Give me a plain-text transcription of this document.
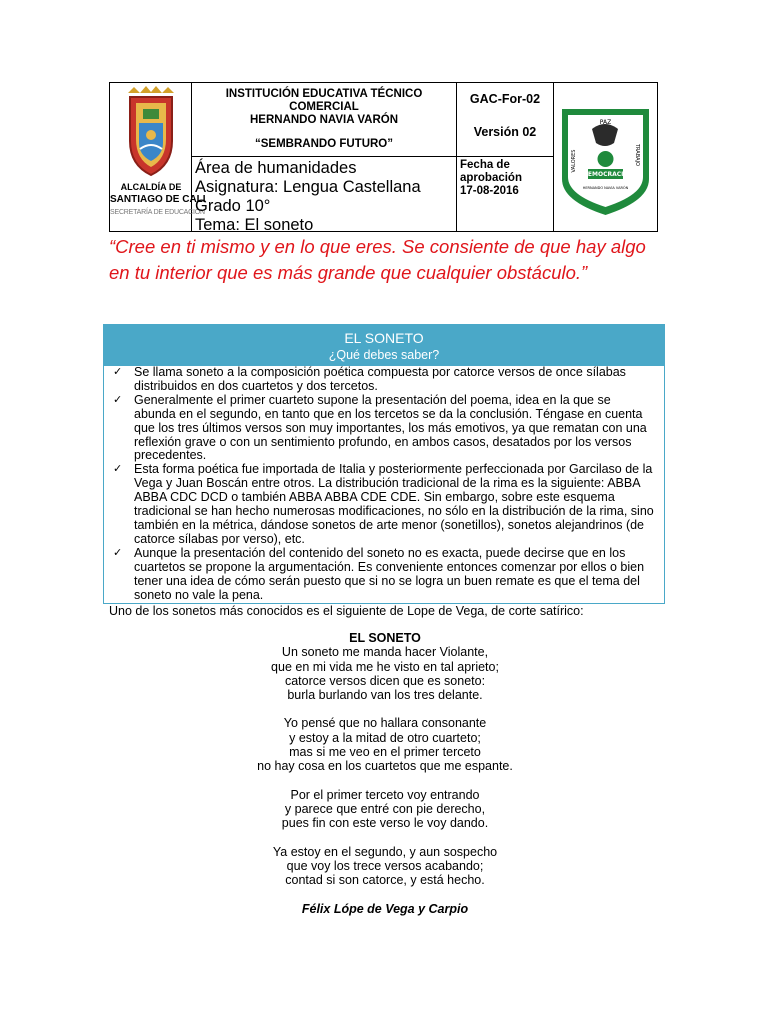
ALCALDÍA DE
SANTIAGO DE CALI
SECRETARÍA DE EDUCACIÓN
INSTITUCIÓN EDUCATIVA TÉCNICO COMERCIAL
HERNANDO NAVIA VARÓN
“SEMBRANDO FUTURO”
GAC-For-02
Versión 02
Área de humanidades
Asignatura: Lengua Castellana
Grado 10°
Tema: El soneto
Fecha de aprobación
17-08-2016
PAZ
VALORES	TRABAJO
DEMOCRACIA
HERNANDO NAVIA VARÓN
“Cree en ti mismo y en lo que eres. Se consiente de que hay algo en tu interior que es más grande que cualquier obstáculo.”
EL SONETO
¿Qué debes saber?
✓ Se llama soneto a la composición poética compuesta por catorce versos de once sílabas distribuidos en dos cuartetos y dos tercetos.
✓ Generalmente el primer cuarteto supone la presentación del poema, idea en la que se abunda en el segundo, en tanto que en los tercetos se da la conclusión. Téngase en cuenta que los tres últimos versos son muy importantes, los más emotivos, ya que rematan con una reflexión grave o con un sentimiento profundo, en ambos casos, desatados por los versos precedentes.
✓ Esta forma poética fue importada de Italia y posteriormente perfeccionada por Garcilaso de la Vega y Juan Boscán entre otros. La distribución tradicional de la rima es la siguiente: ABBA ABBA CDC DCD o también ABBA ABBA CDE CDE. Sin embargo, sobre este esquema tradicional se han hecho numerosas modificaciones, no sólo en la distribución de la rima, sino también en la métrica, dándose sonetos de arte menor (sonetillos), sonetos alejandrinos (de catorce sílabas por verso), etc.
✓ Aunque la presentación del contenido del soneto no es exacta, puede decirse que en los cuartetos se propone la argumentación. Es conveniente entonces comenzar por ellos o bien tener una idea de cómo serán puesto que si no se logra un buen remate es que el tema del soneto no vale la pena.
Uno de los sonetos más conocidos es el siguiente de Lope de Vega, de corte satírico:
EL SONETO
Un soneto me manda hacer Violante,
que en mi vida me he visto en tal aprieto;
catorce versos dicen que es soneto:
burla burlando van los tres delante.
Yo pensé que no hallara consonante
y estoy a la mitad de otro cuarteto;
mas si me veo en el primer terceto
no hay cosa en los cuartetos que me espante.
Por el primer terceto voy entrando
y parece que entré con pie derecho,
pues fin con este verso le voy dando.
Ya estoy en el segundo, y aun sospecho
que voy los trece versos acabando;
contad si son catorce, y está hecho.
Félix Lópe de Vega y Carpio
